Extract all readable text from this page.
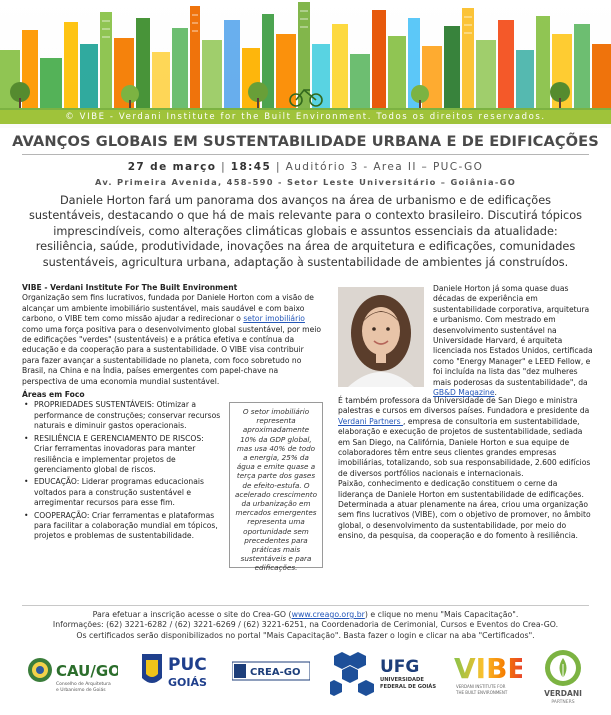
© VIBE - Verdani Institute for the Built Environment. Todos os direitos reservados.
AVANÇOS GLOBAIS EM SUSTENTABILIDADE URBANA E DE EDIFICAÇÕES
27 de março | 18:45 | Auditório 3 - Area II – PUC-GO
Av. Primeira Avenida, 458-590 - Setor Leste Universitário – Goiânia-GO
Daniele Horton fará um panorama dos avanços na área de urbanismo e de edificações sustentáveis, destacando o que há de mais relevante para o contexto brasileiro. Discutirá tópicos imprescindíveis, como alterações climáticas globais e assuntos essenciais da atualidade: resiliência, saúde, produtividade, inovações na área de arquitetura e edificações, comunidades sustentáveis, agricultura urbana, adaptação à sustentabilidade de ambientes já construídos.
VIBE - Verdani Institute For The Built Environment

Organização sem fins lucrativos, fundada por Daniele Horton com a visão de alcançar um ambiente imobiliário sustentável, mais saudável e com baixo carbono, o VIBE tem como missão ajudar a redirecionar o setor imobiliário como uma força positiva para o desenvolvimento global sustentável, por meio de edificações "verdes" (sustentáveis) e a prática efetiva e contínua da educação e da cooperação para a sustentabilidade. O VIBE visa contribuir para fazer avançar a sustentabilidade no planeta, com foco sobretudo no Brasil, na China e na Índia, países emergentes com papel-chave na perspectiva de uma economia mundial sustentável.

Áreas em Foco
• PROPRIEDADES SUSTENTÁVEIS: Otimizar a performance de construções; conservar recursos naturais e diminuir gastos operacionais.
• RESILIÊNCIA E GERENCIAMENTO DE RISCOS: Criar ferramentas inovadoras para manter resiliência e implementar projetos de gerenciamento global de riscos.
• EDUCAÇÃO: Liderar programas educacionais voltados para a construção sustentável e arregimentar recursos para esse fim.
• COOPERAÇÃO: Criar ferramentas e plataformas para facilitar a colaboração mundial em tópicos, projetos e problemas de sustentabilidade.
O setor imobiliário representa aproximadamente 10% da GDP global, mas usa 40% de todo a energia, 25% da água e emite quase a terça parte dos gases de efeito-estufa. O acelerado crescimento da urbanização em mercados emergentes representa uma oportunidade sem precedentes para práticas mais sustentáveis e para edificações.
Daniele Horton já soma quase duas décadas de experiência em sustentabilidade corporativa, arquitetura e urbanismo. Com mestrado em desenvolvimento sustentável na Universidade Harvard, é arquiteta licenciada nos Estados Unidos, certificada como "Energy Manager" e LEED Fellow, e foi incluída na lista das "dez mulheres mais poderosas da sustentabilidade", da GB&D Magazine.

É também professora da Universidade de San Diego e ministra palestras e cursos em diversos países. Fundadora e presidente da Verdani Partners , empresa de consultoria em sustentabilidade, elaboração e execução de projetos de sustentabilidade, sediada em San Diego, na Califórnia, Daniele Horton e sua equipe de colaboradores têm entre seus clientes grandes empresas imobiliárias, totalizando, sob sua responsabilidade, 2.600 edifícios de diversos portfólios nacionais e internacionais.

Paixão, conhecimento e dedicação constituem o cerne da liderança de Daniele Horton em sustentabilidade de edificações. Determinada a atuar plenamente na área, criou uma organização sem fins lucrativos (VIBE), com o objetivo de promover, no âmbito global, o desenvolvimento da sustentabilidade, por meio do ensino, da pesquisa, da cooperação e do fomento à resiliência.

Para efetuar a inscrição acesse o site do Crea-GO (www.creago.org.br) e clique no menu "Mais Capacitação".
Informações: (62) 3221-6282 / (62) 3221-6269 / (62) 3221-6251, na Coordenadoria de Cerimonial, Cursos e Eventos do Crea-GO.
Os certificados serão disponibilizados no portal "Mais Capacitação". Basta fazer o login e clicar na aba "Certificados".
CAU/GO
Conselho de Arquitetura
e Urbanismo de Goiás
PUC
GOIÁS
CREA-GO	UFG
UNIVERSIDADE
FEDERAL DE GOIÁS
VIBE
VERDANI INSTITUTE FOR
THE BUILT ENVIRONMENT	VERDANI
PARTNERS
